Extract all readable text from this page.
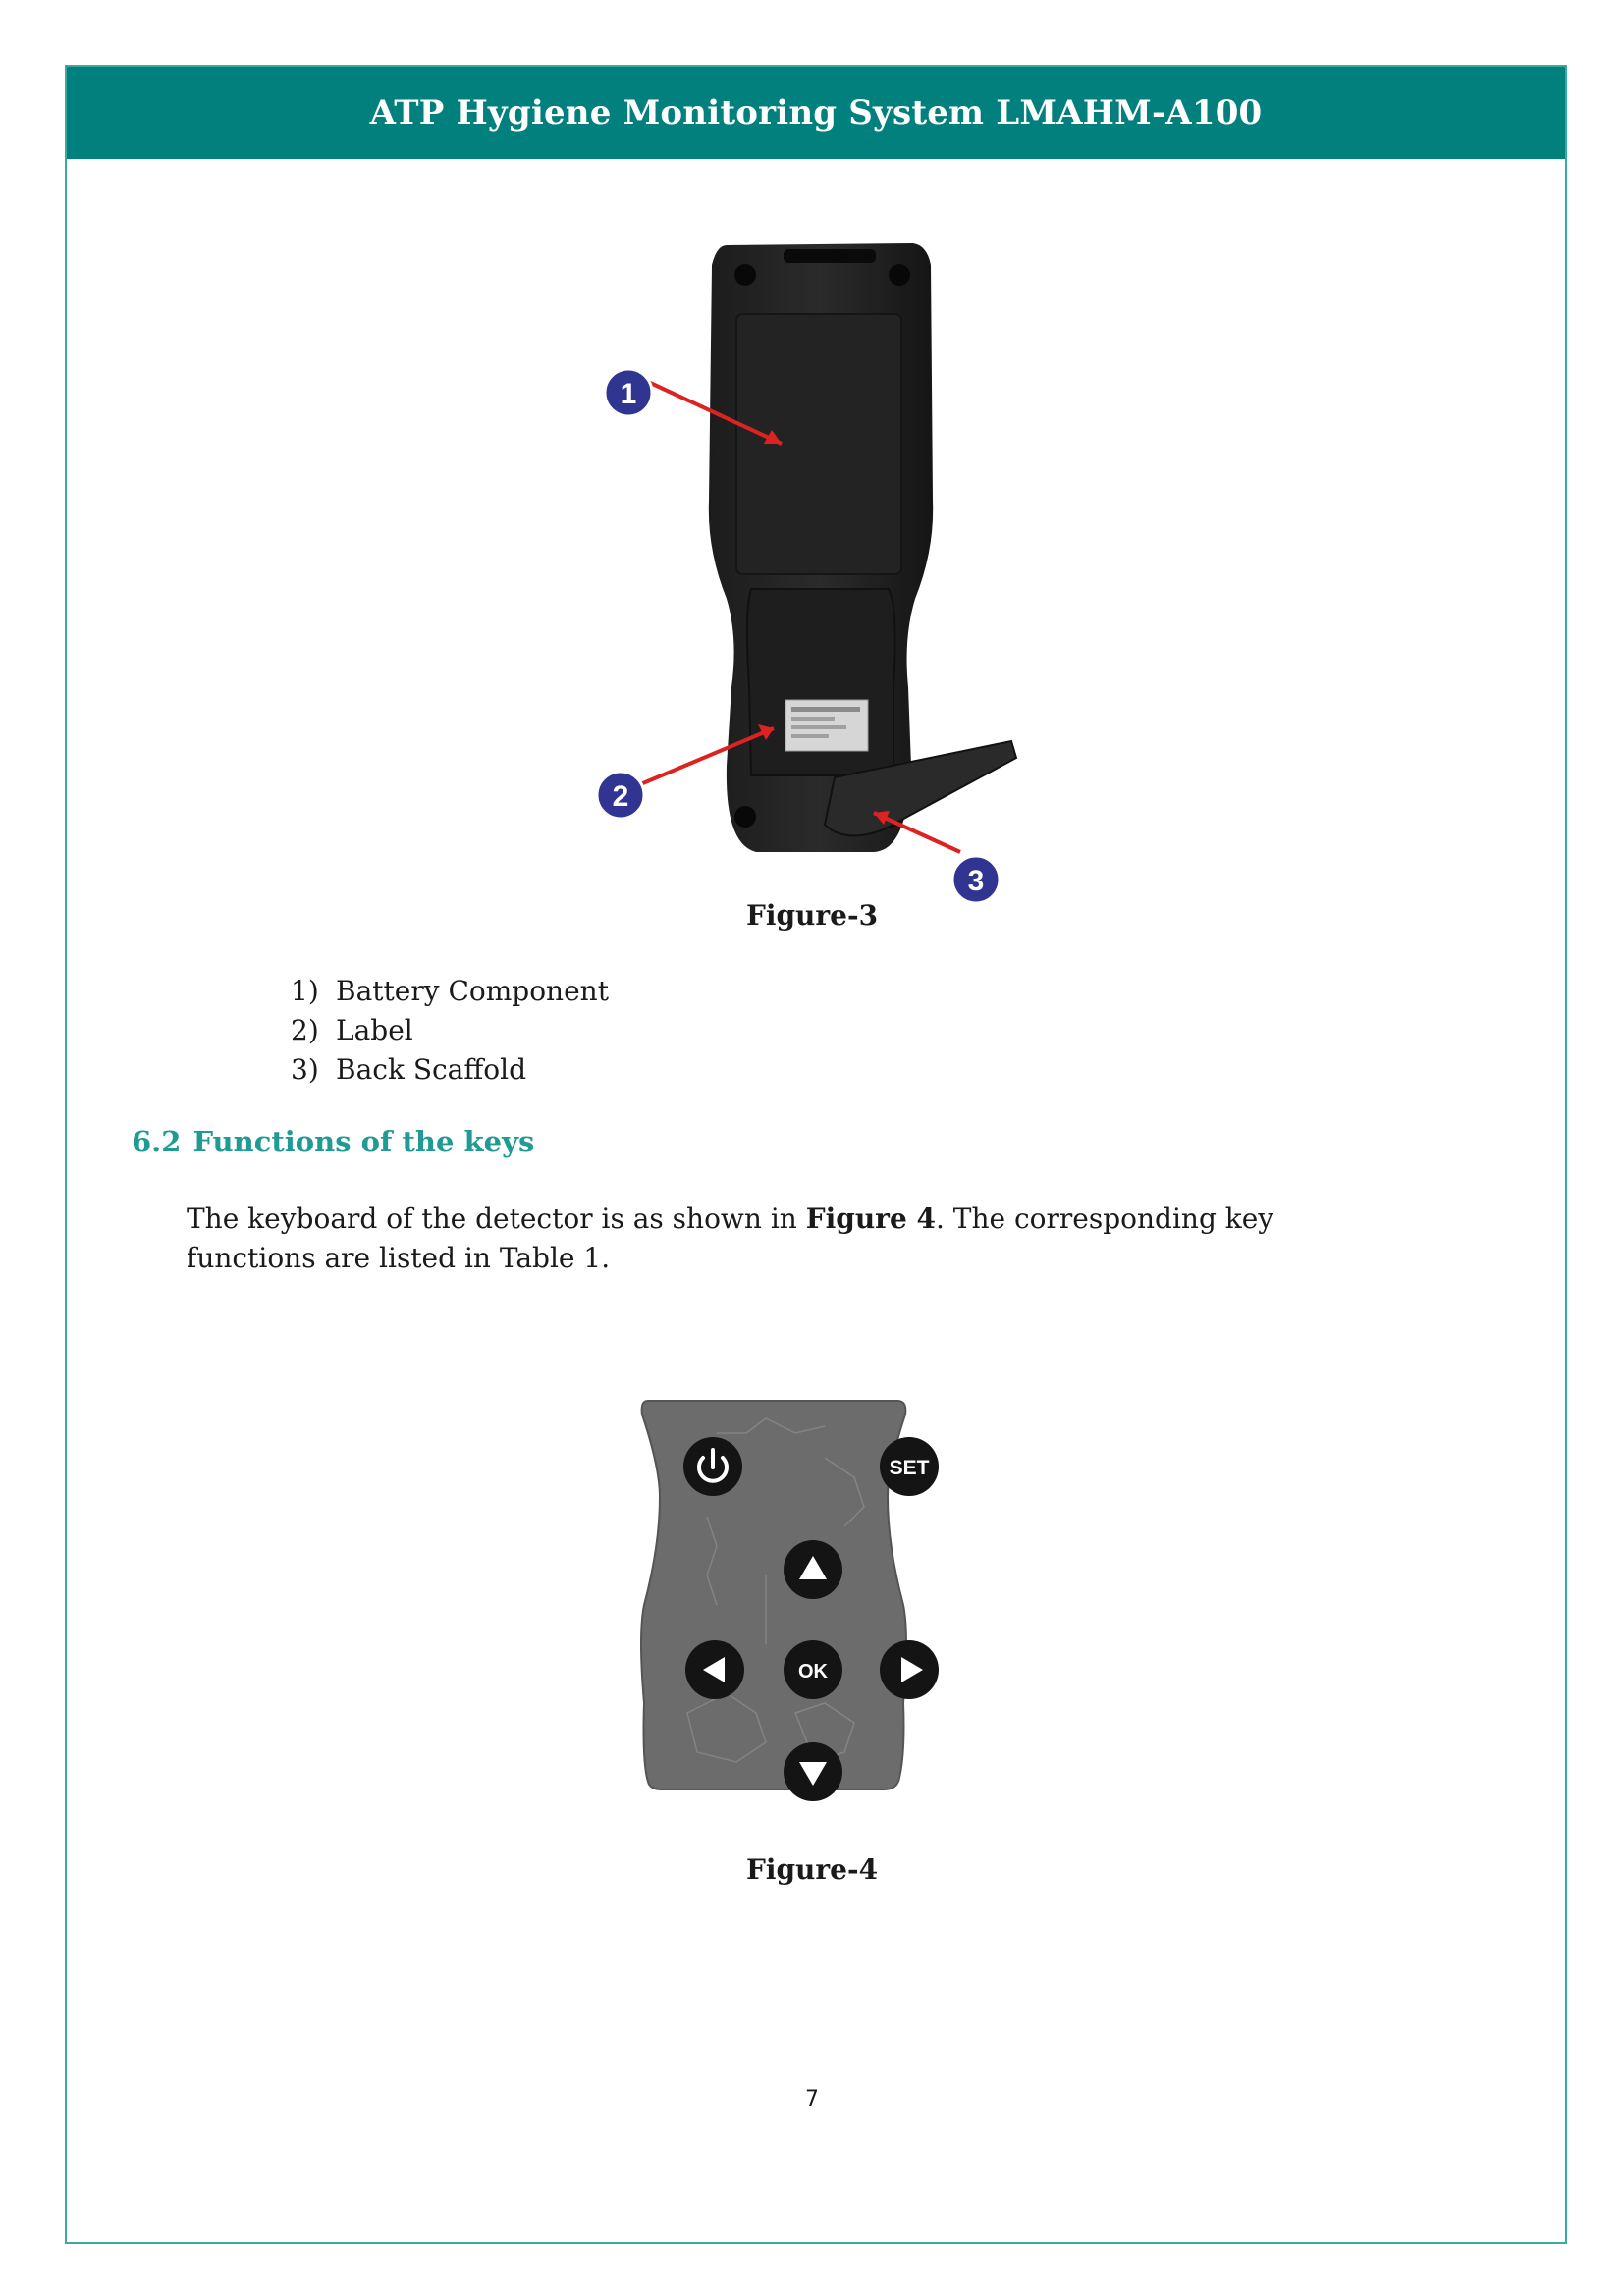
ATP Hygiene Monitoring System LMAHM-A100
1
2
3
Figure-3
1) Battery Component
2) Label
3) Back Scaffold
6.2 Functions of the keys

The keyboard of the detector is as shown in Figure 4. The corresponding key functions are listed in Table 1.

SET
OK
Figure-4
7
